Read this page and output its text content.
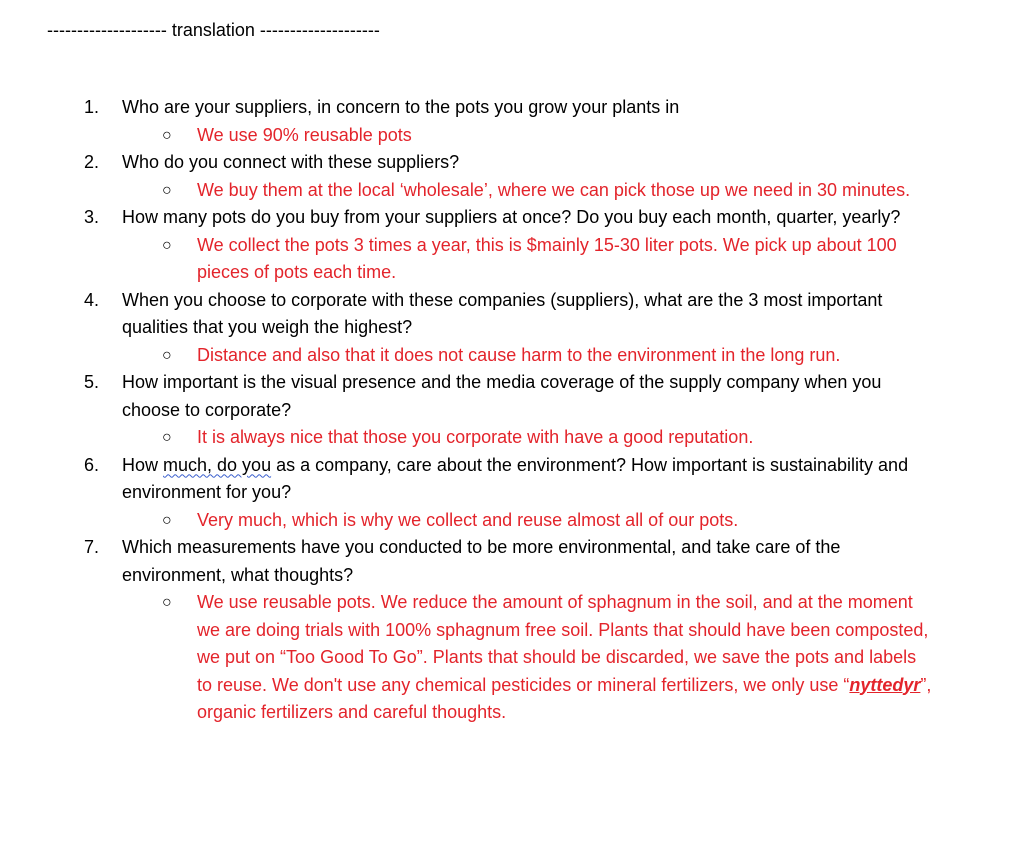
-------------------- translation --------------------
1. Who are your suppliers, in concern to the pots you grow your plants in

○ We use 90% reusable pots

2. Who do you connect with these suppliers?

○ We buy them at the local ‘wholesale’, where we can pick those up we need in 30 minutes.

3. How many pots do you buy from your suppliers at once? Do you buy each month, quarter, yearly?

○ We collect the pots 3 times a year, this is $mainly 15-30 liter pots. We pick up about 100 pieces of pots each time.

4. When you choose to corporate with these companies (suppliers), what are the 3 most important qualities that you weigh the highest?

○ Distance and also that it does not cause harm to the environment in the long run.

5. How important is the visual presence and the media coverage of the supply company when you choose to corporate?

○ It is always nice that those you corporate with have a good reputation.

6. How much, do you as a company, care about the environment? How important is sustainability and environment for you?

○ Very much, which is why we collect and reuse almost all of our pots.

7. Which measurements have you conducted to be more environmental, and take care of the environment, what thoughts?

○ We use reusable pots. We reduce the amount of sphagnum in the soil, and at the moment we are doing trials with 100% sphagnum free soil. Plants that should have been composted, we put on “Too Good To Go”. Plants that should be discarded, we save the pots and labels to reuse. We don't use any chemical pesticides or mineral fertilizers, we only use “nyttedyr”, organic fertilizers and careful thoughts.
